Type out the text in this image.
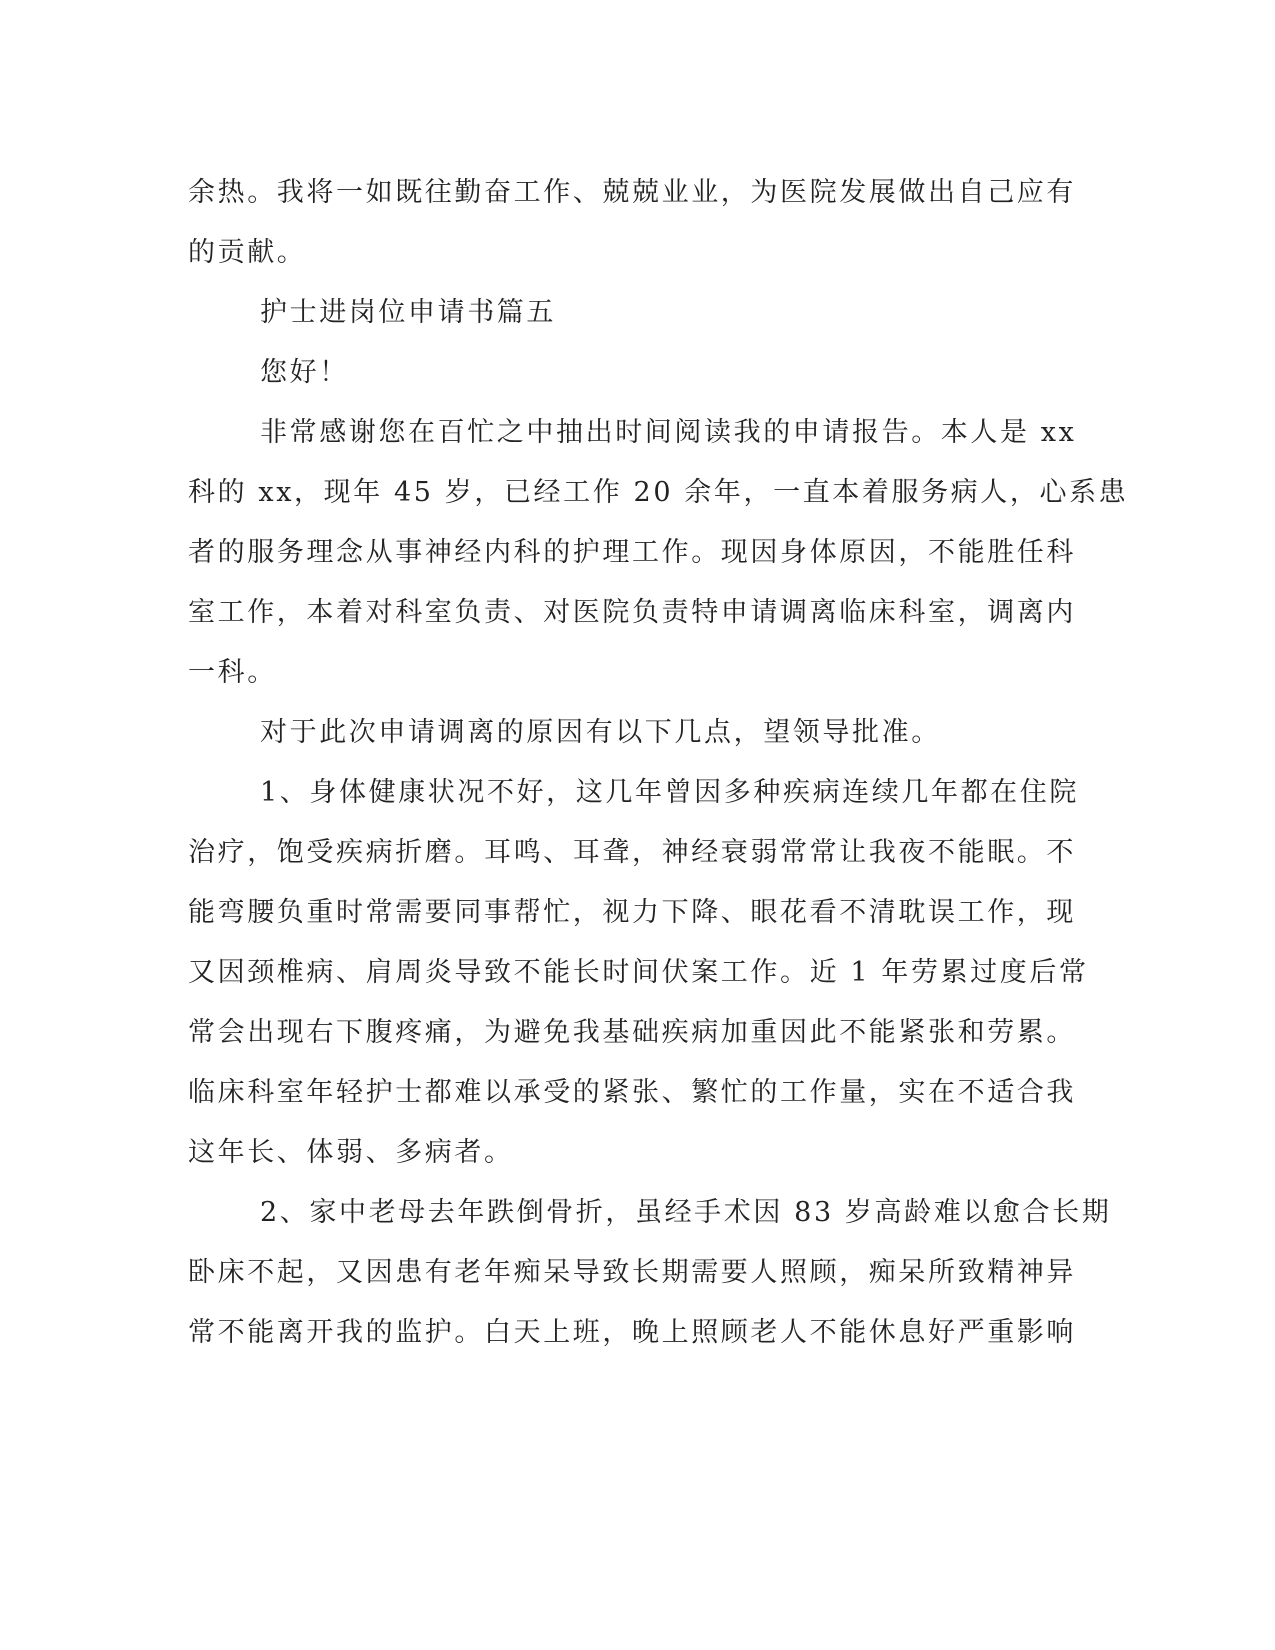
余热。我将一如既往勤奋工作、兢兢业业，为医院发展做出自己应有
的贡献。
护士进岗位申请书篇五
您好！
非常感谢您在百忙之中抽出时间阅读我的申请报告。本人是 xx
科的 xx，现年 45 岁，已经工作 20 余年，一直本着服务病人，心系患
者的服务理念从事神经内科的护理工作。现因身体原因，不能胜任科
室工作，本着对科室负责、对医院负责特申请调离临床科室，调离内
一科。
对于此次申请调离的原因有以下几点，望领导批准。
1、身体健康状况不好，这几年曾因多种疾病连续几年都在住院
治疗，饱受疾病折磨。耳鸣、耳聋，神经衰弱常常让我夜不能眠。不
能弯腰负重时常需要同事帮忙，视力下降、眼花看不清耽误工作，现
又因颈椎病、肩周炎导致不能长时间伏案工作。近 1 年劳累过度后常
常会出现右下腹疼痛，为避免我基础疾病加重因此不能紧张和劳累。
临床科室年轻护士都难以承受的紧张、繁忙的工作量，实在不适合我
这年长、体弱、多病者。
2、家中老母去年跌倒骨折，虽经手术因 83 岁高龄难以愈合长期
卧床不起，又因患有老年痴呆导致长期需要人照顾，痴呆所致精神异
常不能离开我的监护。白天上班，晚上照顾老人不能休息好严重影响
